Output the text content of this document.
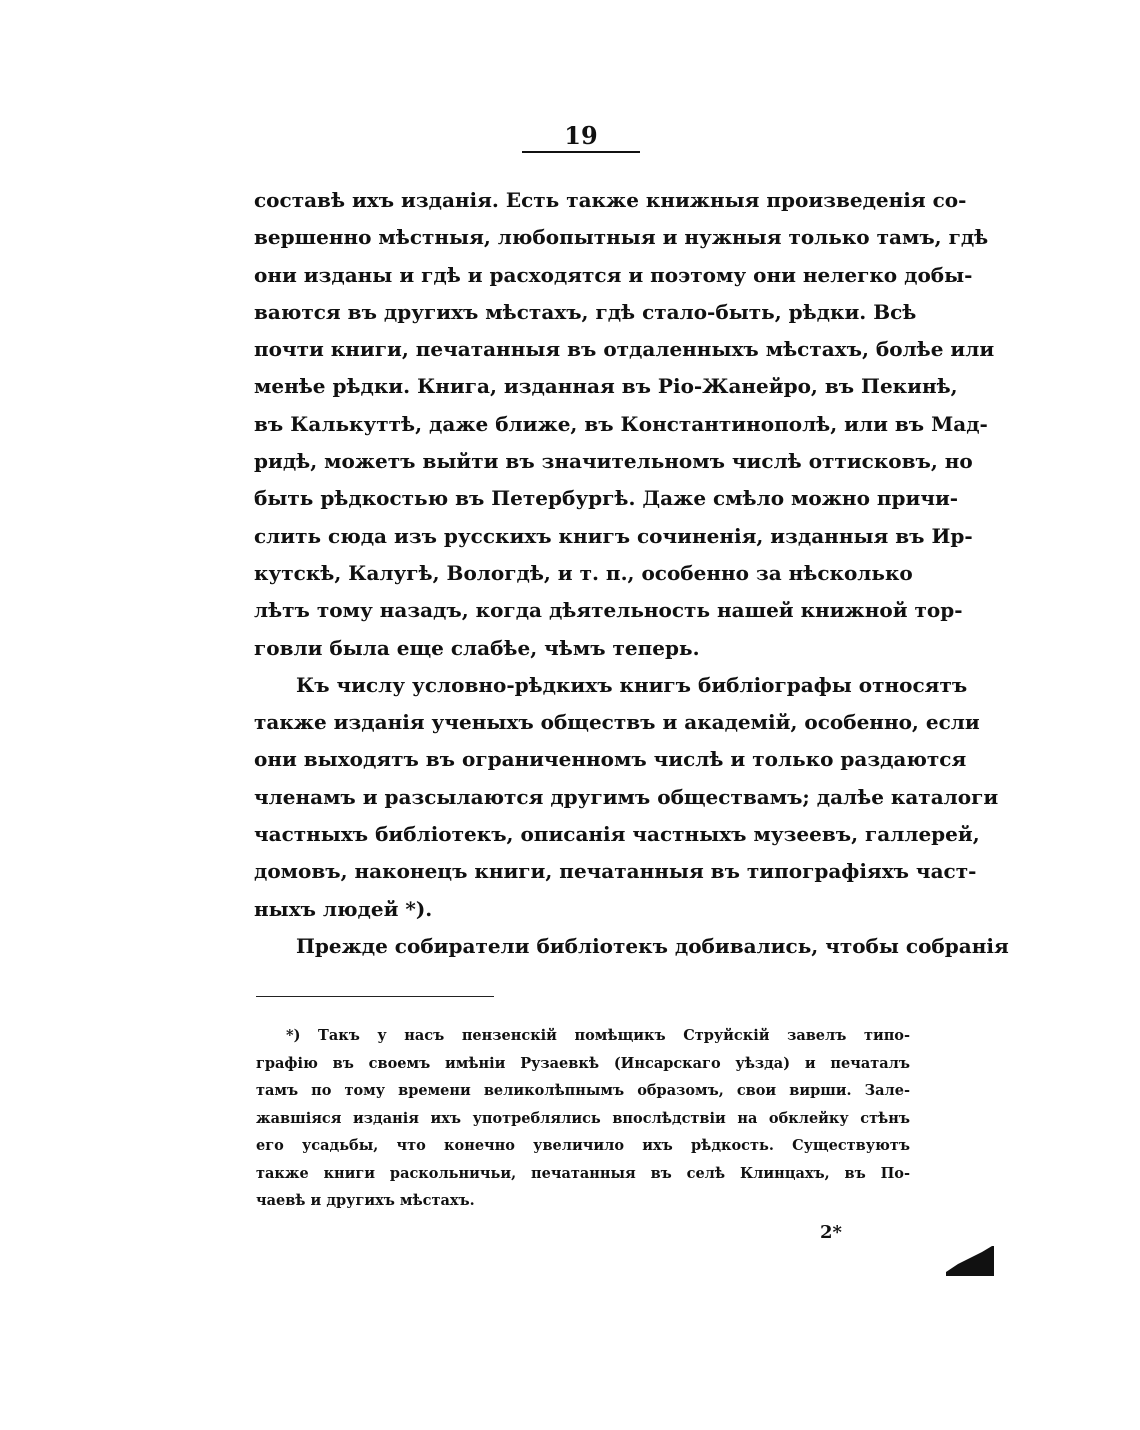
19
составѣ ихъ изданія. Есть также книжныя произведенія со-
вершенно мѣстныя, любопытныя и нужныя только тамъ, гдѣ
они изданы и гдѣ и расходятся и поэтому они нелегко добы-
ваются въ другихъ мѣстахъ, гдѣ стало-быть, рѣдки. Всѣ
почти книги, печатанныя въ отдаленныхъ мѣстахъ, болѣе или
менѣе рѣдки. Книга, изданная въ Ріо-Жанейро, въ Пекинѣ,
въ Калькуттѣ, даже ближе, въ Константинополѣ, или въ Мад-
ридѣ, можетъ выйти въ значительномъ числѣ оттисковъ, но
быть рѣдкостью въ Петербургѣ. Даже смѣло можно причи-
слить сюда изъ русскихъ книгъ сочиненія, изданныя въ Ир-
кутскѣ, Калугѣ, Вологдѣ, и т. п., особенно за нѣсколько
лѣтъ тому назадъ, когда дѣятельность нашей книжной тор-
говли была еще слабѣе, чѣмъ теперь.
Къ числу условно-рѣдкихъ книгъ библіографы относятъ
также изданія ученыхъ обществъ и академій, особенно, если
они выходятъ въ ограниченномъ числѣ и только раздаются
членамъ и разсылаются другимъ обществамъ; далѣе каталоги
частныхъ библіотекъ, описанія частныхъ музеевъ, галлерей,
домовъ, наконецъ книги, печатанныя въ типографіяхъ част-
ныхъ людей *).
Прежде собиратели библіотекъ добивались, чтобы собранія
*) Такъ у насъ пензенскій помѣщикъ Струйскій завелъ типо-
графію въ своемъ имѣніи Рузаевкѣ (Инсарскаго уѣзда) и печаталъ
тамъ по тому времени великолѣпнымъ образомъ, свои вирши. Зале-
жавшіяся изданія ихъ употреблялись впослѣдствіи на обклейку стѣнъ
его усадьбы, что конечно увеличило ихъ рѣдкость. Существуютъ
также книги раскольничьи, печатанныя въ селѣ Клинцахъ, въ По-
чаевѣ и другихъ мѣстахъ.
2*
